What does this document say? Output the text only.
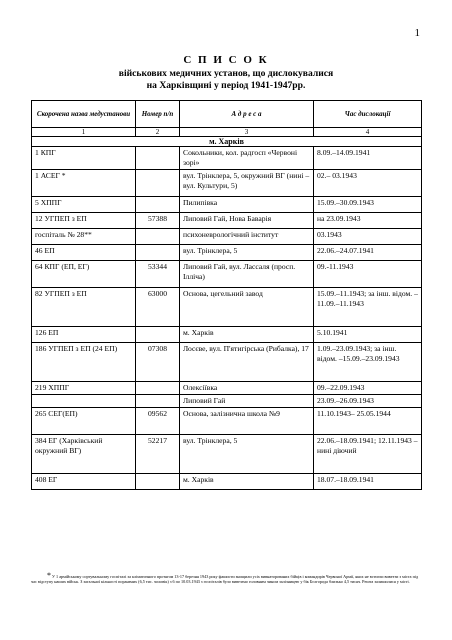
1
С П И С О К
військових медичних установ, що дислокувалися
на Харківщині у період 1941-1947рр.
Скорочена назва медустанови	Номер п/п	А д р е с а	Час дислокації
1	2	3	4
м. Харків			
1 КПГ		Сокольники, кол. радгосп «Червоні зорі»	8.09.–14.09.1941
1 АСЕГ *		вул. Трінклера, 5, окружний ВГ (нині – вул. Культури, 5)	02.– 03.1943
5 ХППГ		Пилипівка	15.09.–30.09.1943
12 УГПЕП з ЕП	57388	Липовий Гай, Нова Баварія	на 23.09.1943
госпіталь № 28**		психоневрологічний інститут	03.1943
46 ЕП		вул. Трінклера, 5	22.06.–24.07.1941
64 КПГ (ЕП, ЕГ)	53344	Липовий Гай, вул. Лассаля (просп. Ілліча)	09.-11.1943
82 УГПЕП з ЕП	63000	Основа, цегельний завод	15.09.–11.1943; за інш. відом. –11.09.–11.1943
126 ЕП		м. Харків	5.10.1941
186 УГПЕП з ЕП (24 ЕП)	07308	Лосєве, вул. П'ятигірська (Рибалка), 17	1.09.–23.09.1943; за інш. відом. –15.09.–23.09.1943
219 ХППГ		Олексіївка	09.–22.09.1943
		Липовий Гай	23.09.–26.09.1943
265 СЕГ(ЕП)	09562	Основа, залізнична школа №9	11.10.1943– 25.05.1944
384 ЕГ (Харківський окружний ВГ)	52217	вул. Трінклера, 5	22.06.–18.09.1941; 12.11.1943 – нині діючий
408 ЕГ		м. Харків	18.07.–18.09.1941
* У 1 армійському сортувальному госпіталі за кліматичного протягом 13-17 березня 1943 року фашисти знищили усіх вивнаторованих бійців і командирів Червоної Армії, яких не встигли вивезти з міста під час відступу наших військ. З загальної кількості поранених (6,5 тис. чоловік) з 6 по 10.03.1943 з госпіталів було вивезено головним чином залізницею у бік Бєлгорода близько 4,5 тисяч. Решта залишилися у місті.
